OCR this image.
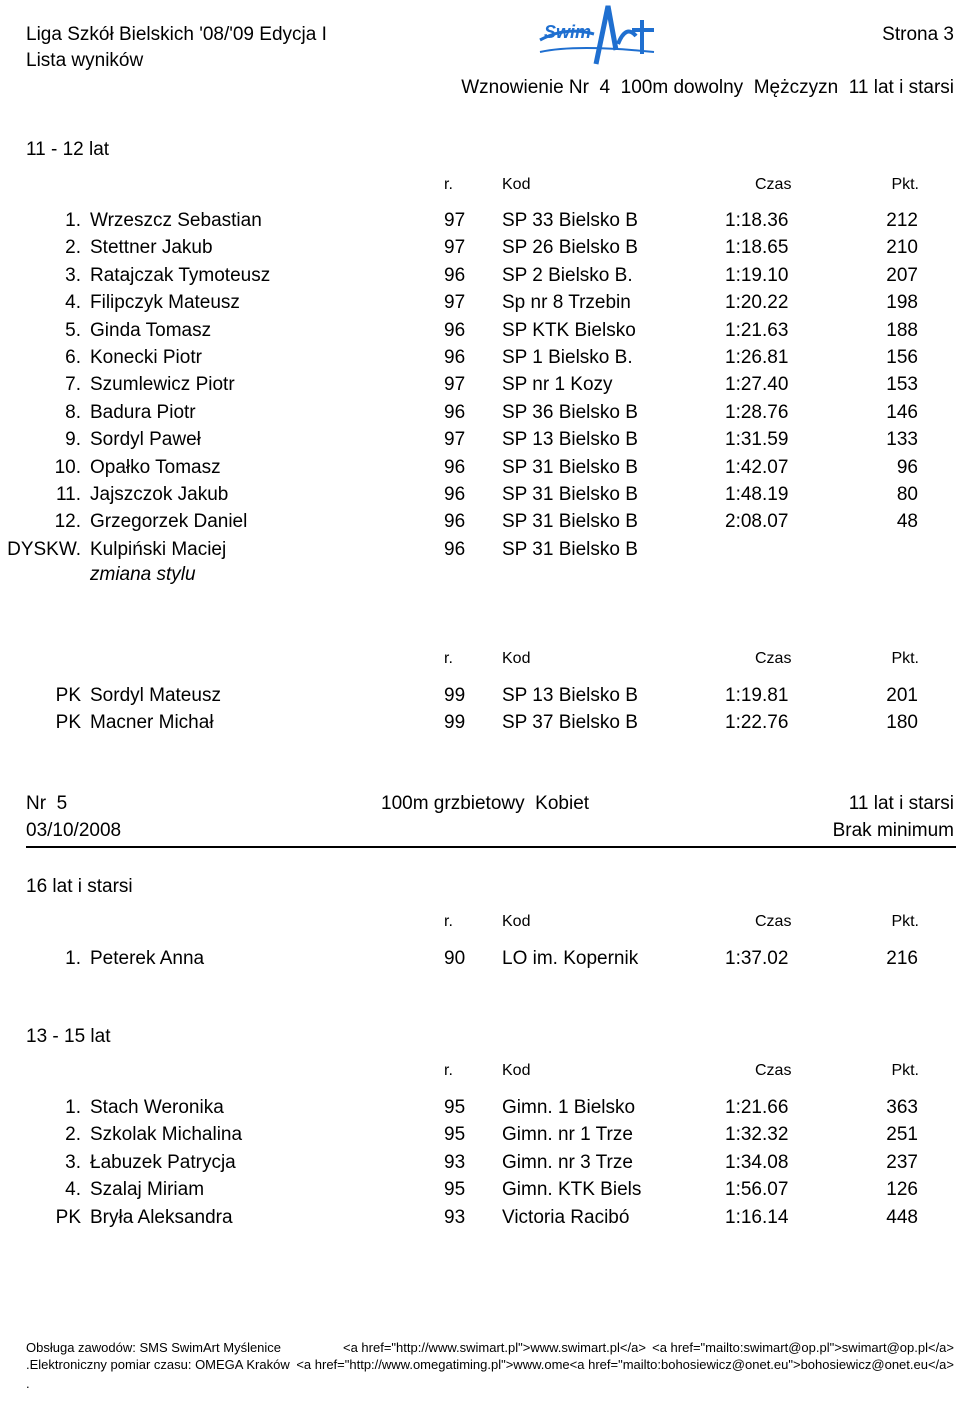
Liga Szkół Bielskich '08/'09 Edycja I
Lista wyników
Strona 3
Wznowienie Nr  4  100m dowolny  Mężczyzn  11 lat i starsi
Swim
11 - 12 lat
r.	Kod	Czas	Pkt.
1. Wrzeszcz Sebastian	97 SP 33 Bielsko B	1:18.36	212
2. Stettner Jakub	97 SP 26 Bielsko B	1:18.65	210
3. Ratajczak Tymoteusz	96 SP 2 Bielsko B.	1:19.10	207
4. Filipczyk Mateusz	97 Sp nr 8 Trzebin	1:20.22	198
5. Ginda Tomasz	96 SP KTK Bielsko	1:21.63	188
6. Konecki Piotr	96 SP 1 Bielsko B.	1:26.81	156
7. Szumlewicz Piotr	97 SP nr 1 Kozy	1:27.40	153
8. Badura Piotr	96 SP 36 Bielsko B	1:28.76	146
9. Sordyl Paweł	97 SP 13 Bielsko B	1:31.59	133
10. Opałko Tomasz	96 SP 31 Bielsko B	1:42.07	96
11. Jajszczok Jakub	96 SP 31 Bielsko B	1:48.19	80
12. Grzegorzek Daniel	96 SP 31 Bielsko B	2:08.07	48
DYSKW. Kulpiński Maciej	96 SP 31 Bielsko B
zmiana stylu
r.	Kod	Czas	Pkt.
PK Sordyl Mateusz	99 SP 13 Bielsko B	1:19.81	201
PK Macner Michał	99 SP 37 Bielsko B	1:22.76	180
Nr  5	100m grzbietowy  Kobiet	11 lat i starsi
03/10/2008	Brak minimum
16 lat i starsi
r.	Kod	Czas	Pkt.
1. Peterek Anna	90 LO im. Kopernik	1:37.02	216
13 - 15 lat
r.	Kod	Czas	Pkt.
1. Stach Weronika	95 Gimn. 1 Bielsko	1:21.66	363
2. Szkolak Michalina	95 Gimn. nr 1 Trze	1:32.32	251
3. Łabuzek Patrycja	93 Gimn. nr 3 Trze	1:34.08	237
4. Szalaj Miriam	95 Gimn. KTK Biels	1:56.07	126
PK Bryła Aleksandra	93 Victoria Racibó	1:16.14	448
Obsługa zawodów: SMS SwimArt Myślenice	<a href="http://www.swimart.pl">www.swimart.pl</a> <a href="mailto:swimart@op.pl">swimart@op.pl</a>
.Elektroniczny pomiar czasu: OMEGA Kraków <a href="http://www.omegatiming.pl">www.ome<a href="mailto:bohosiewicz@onet.eu">bohosiewicz@onet.eu</a>
.
